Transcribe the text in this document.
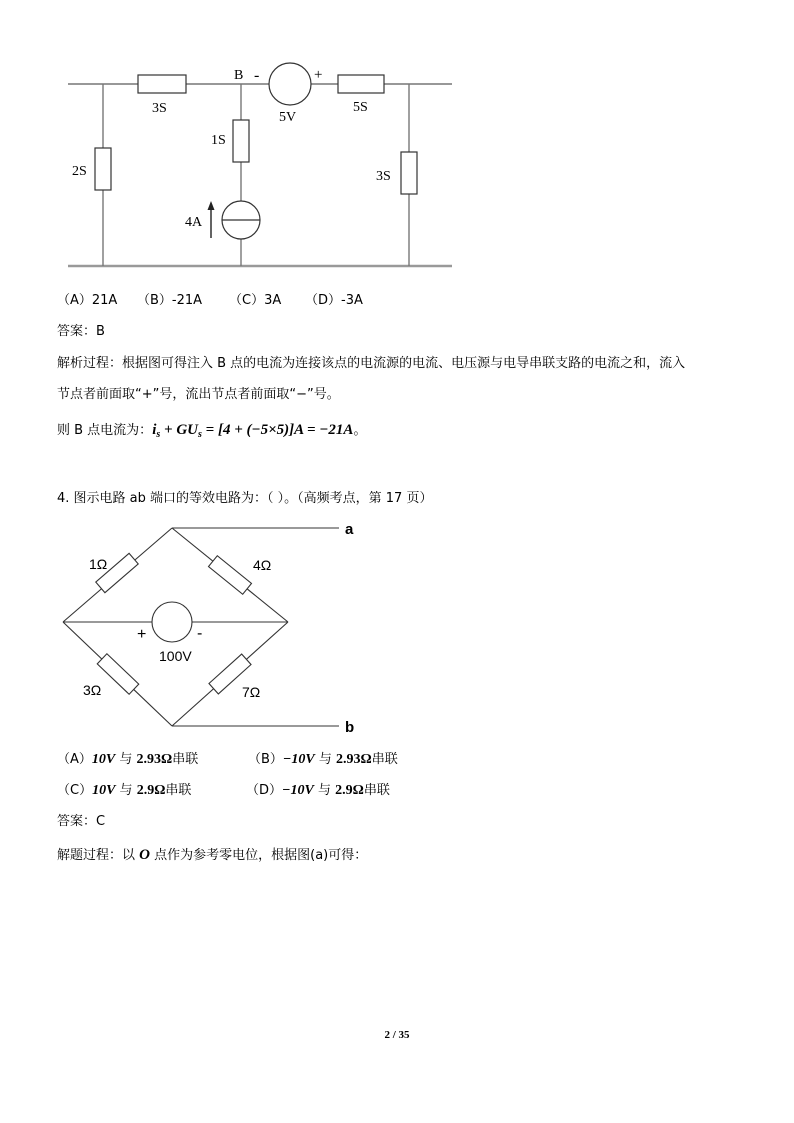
B -	+
5V
3S	5S
2S
1S
3S
4A
（A）21A （B）-21A （C）3A （D）-3A
答案：B
解析过程：根据图可得注入 B 点的电流为连接该点的电流源的电流、电压源与电导串联支路的电流之和，流入
节点者前面取“+”号，流出节点者前面取“−”号。
则 B 点电流为：$i_s + GU_s = [4 + (-5\times 5)]A = -21A$。
4. 图示电路 ab 端口的等效电路为：（ ）。（高频考点，第 17 页）
a
b
1Ω	4Ω
3Ω	7Ω
+	-
100V
（A）10V 与 2.93Ω串联	（B）−10V 与 2.93Ω串联
（C）10V 与 2.9Ω串联	（D）−10V 与 2.9Ω串联
答案：C
解题过程：以 O 点作为参考零电位，根据图(a)可得：
2 / 35
